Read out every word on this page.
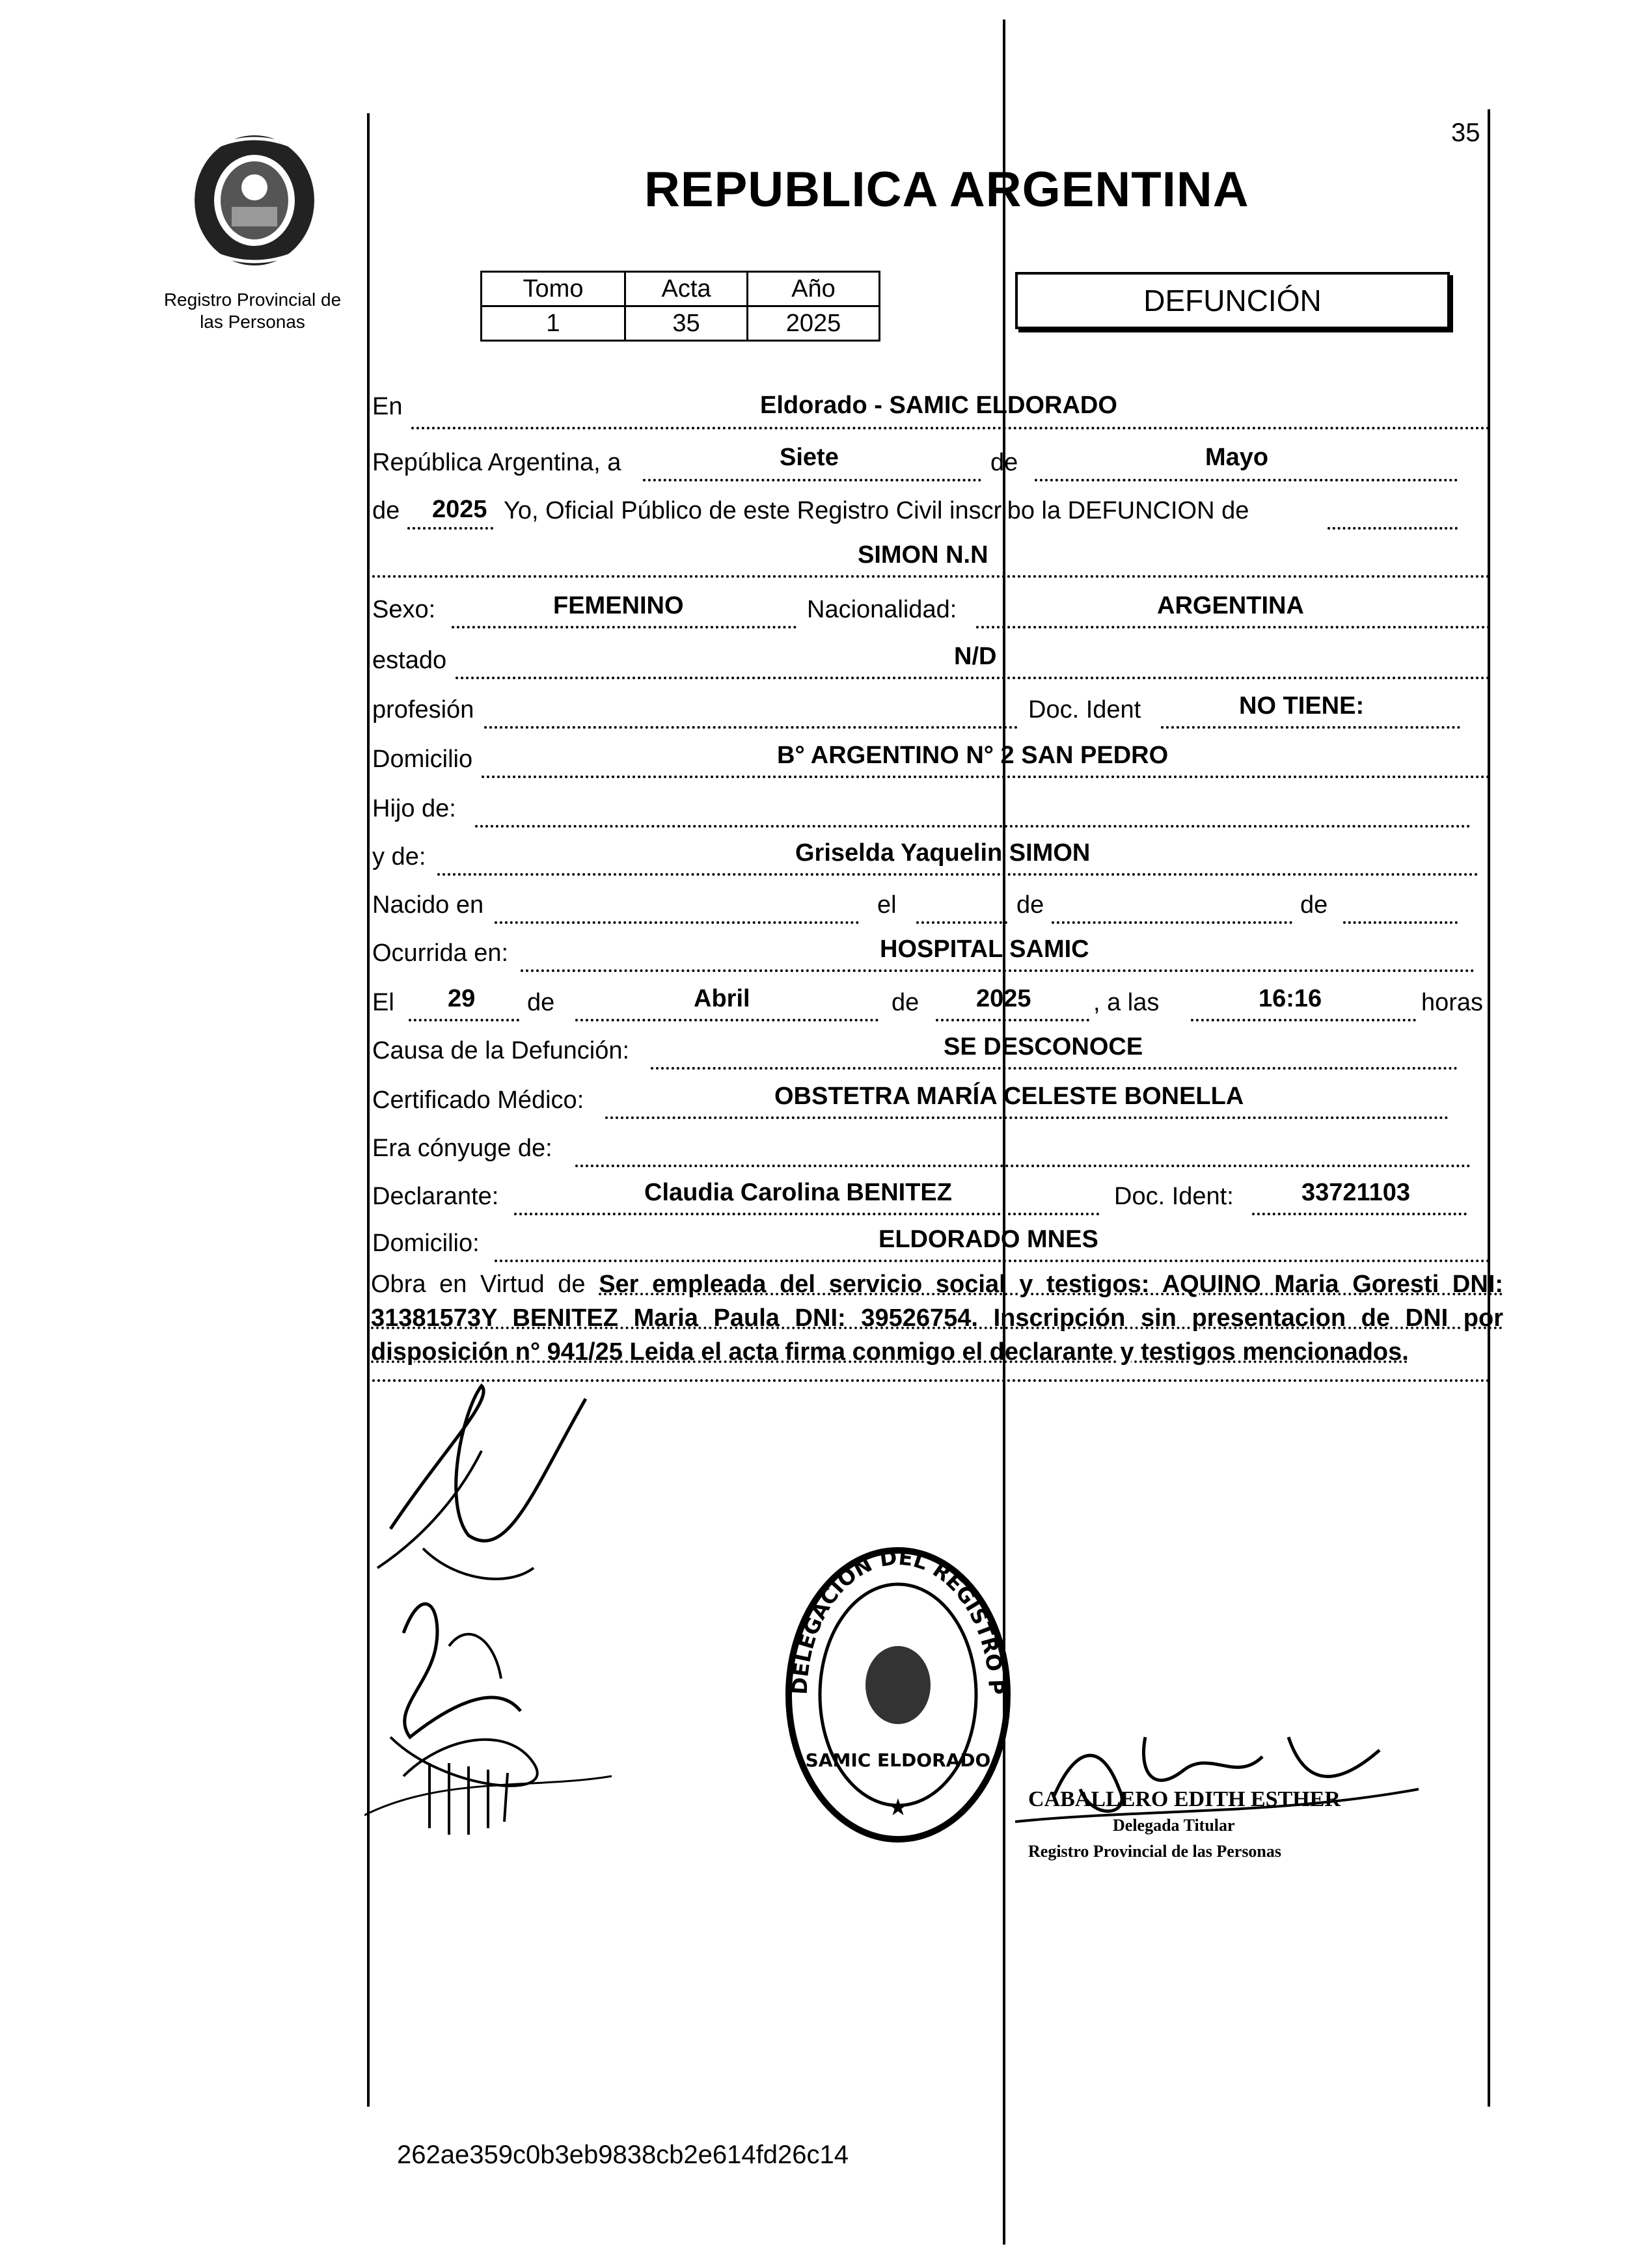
35
Registro Provincial de las Personas
REPUBLICA ARGENTINA
Tomo	Acta	Año
1	35	2025
DEFUNCIÓN
En	Eldorado - SAMIC ELDORADO
República Argentina, a	Siete	de	Mayo
de 2025 Yo, Oficial Público de este Registro Civil inscribo la DEFUNCION de
SIMON N.N
Sexo:	FEMENINO	Nacionalidad:	ARGENTINA
estado	N/D
profesión	Doc. Ident	NO TIENE:
Domicilio	B° ARGENTINO N° 2 SAN PEDRO
Hijo de:
y de:	Griselda Yaquelin SIMON
Nacido en	el	de	de
Ocurrida en:	HOSPITAL SAMIC
El 29 de	Abril	de 2025	, a las	16:16	horas
Causa de la Defunción:	SE DESCONOCE
Certificado Médico:	OBSTETRA MARÍA CELESTE BONELLA
Era cónyuge de:
Declarante:	Claudia Carolina BENITEZ	Doc. Ident:	33721103
Domicilio:	ELDORADO MNES
Obra en Virtud de Ser empleada del servicio social y testigos: AQUINO Maria Goresti DNI: 31381573Y BENITEZ Maria Paula DNI: 39526754. Inscripción sin presentacion de DNI por disposición n° 941/25 Leida el acta firma conmigo el declarante y testigos mencionados.
DELEGACION DEL REGISTRO P
SAMIC ELDORADO
★	CABALLERO EDITH ESTHER
Delegada Titular
Registro Provincial de las Personas
262ae359c0b3eb9838cb2e614fd26c14
